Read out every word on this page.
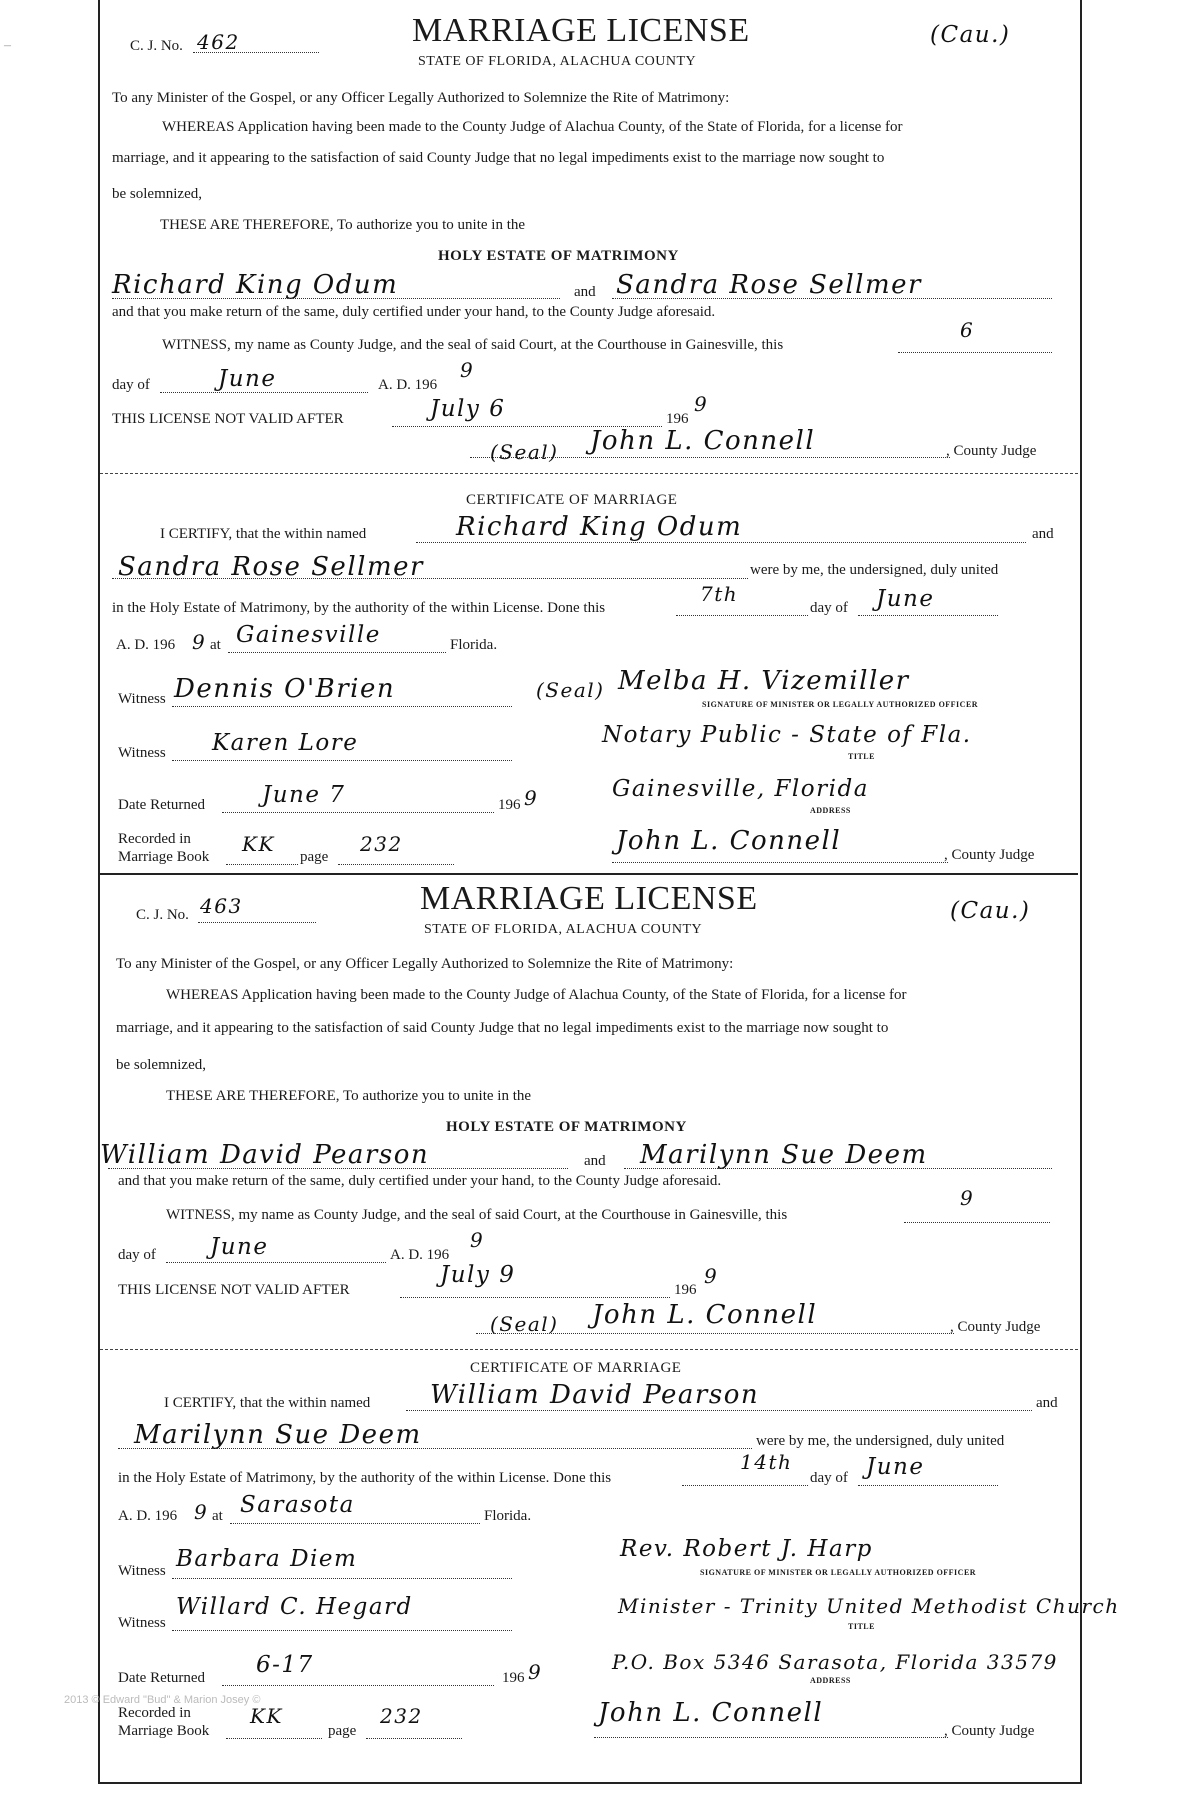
–	C. J. No. 462	MARRIAGE LICENSE
STATE OF FLORIDA, ALACHUA COUNTY
(Cau.)
To any Minister of the Gospel, or any Officer Legally Authorized to Solemnize the Rite of Matrimony:
WHEREAS Application having been made to the County Judge of Alachua County, of the State of Florida, for a license for
marriage, and it appearing to the satisfaction of said County Judge that no legal impediments exist to the marriage now sought to
be solemnized,
THESE ARE THEREFORE, To authorize you to unite in the
HOLY ESTATE OF MATRIMONY
Richard King Odum	and Sandra Rose Sellmer
and that you make return of the same, duly certified under your hand, to the County Judge aforesaid.
WITNESS, my name as County Judge, and the seal of said Court, at the Courthouse in Gainesville, this
6
day of	June	A. D. 196
9
THIS LICENSE NOT VALID AFTER	July 6	196
9
(Seal) John L. Connell	, County Judge
CERTIFICATE OF MARRIAGE
I CERTIFY, that the within named	Richard King Odum	and
Sandra Rose Sellmer	were by me, the undersigned, duly united
in the Holy Estate of Matrimony, by the authority of the within License. Done this
7th
day of June
A. D. 196 9 at Gainesville	Florida.
Witness Dennis O'Brien	(Seal) Melba H. Vizemiller
SIGNATURE OF MINISTER OR LEGALLY AUTHORIZED OFFICER
Witness Karen Lore	Notary Public - State of Fla.
TITLE
Date Returned June 7	196 9	Gainesville, Florida
ADDRESS
Recorded in
Marriage Book
KK
page
232	John L. Connell	, County Judge
C. J. No. 463	MARRIAGE LICENSE
STATE OF FLORIDA, ALACHUA COUNTY
(Cau.)
To any Minister of the Gospel, or any Officer Legally Authorized to Solemnize the Rite of Matrimony:
WHEREAS Application having been made to the County Judge of Alachua County, of the State of Florida, for a license for
marriage, and it appearing to the satisfaction of said County Judge that no legal impediments exist to the marriage now sought to
be solemnized,
THESE ARE THEREFORE, To authorize you to unite in the
HOLY ESTATE OF MATRIMONY
William David Pearson	and Marilynn Sue Deem
and that you make return of the same, duly certified under your hand, to the County Judge aforesaid.
WITNESS, my name as County Judge, and the seal of said Court, at the Courthouse in Gainesville, this
9
day of June	A. D. 196
9
THIS LICENSE NOT VALID AFTER
July 9
196
9
(Seal) John L. Connell	, County Judge
CERTIFICATE OF MARRIAGE
I CERTIFY, that the within named William David Pearson	and
Marilynn Sue Deem	were by me, the undersigned, duly united
in the Holy Estate of Matrimony, by the authority of the within License. Done this
14th
day of June
A. D. 196 9 at Sarasota	Florida.
Witness Barbara Diem	Rev. Robert J. Harp
SIGNATURE OF MINISTER OR LEGALLY AUTHORIZED OFFICER
Witness
Willard C. Hegard	Minister - Trinity United Methodist Church
TITLE
Date Returned 6-17	196 9	P.O. Box 5346 Sarasota, Florida 33579
ADDRESS
Recorded in
Marriage Book
KK
page
232	John L. Connell
, County Judge
2013 © Edward "Bud" & Marion Josey ©
